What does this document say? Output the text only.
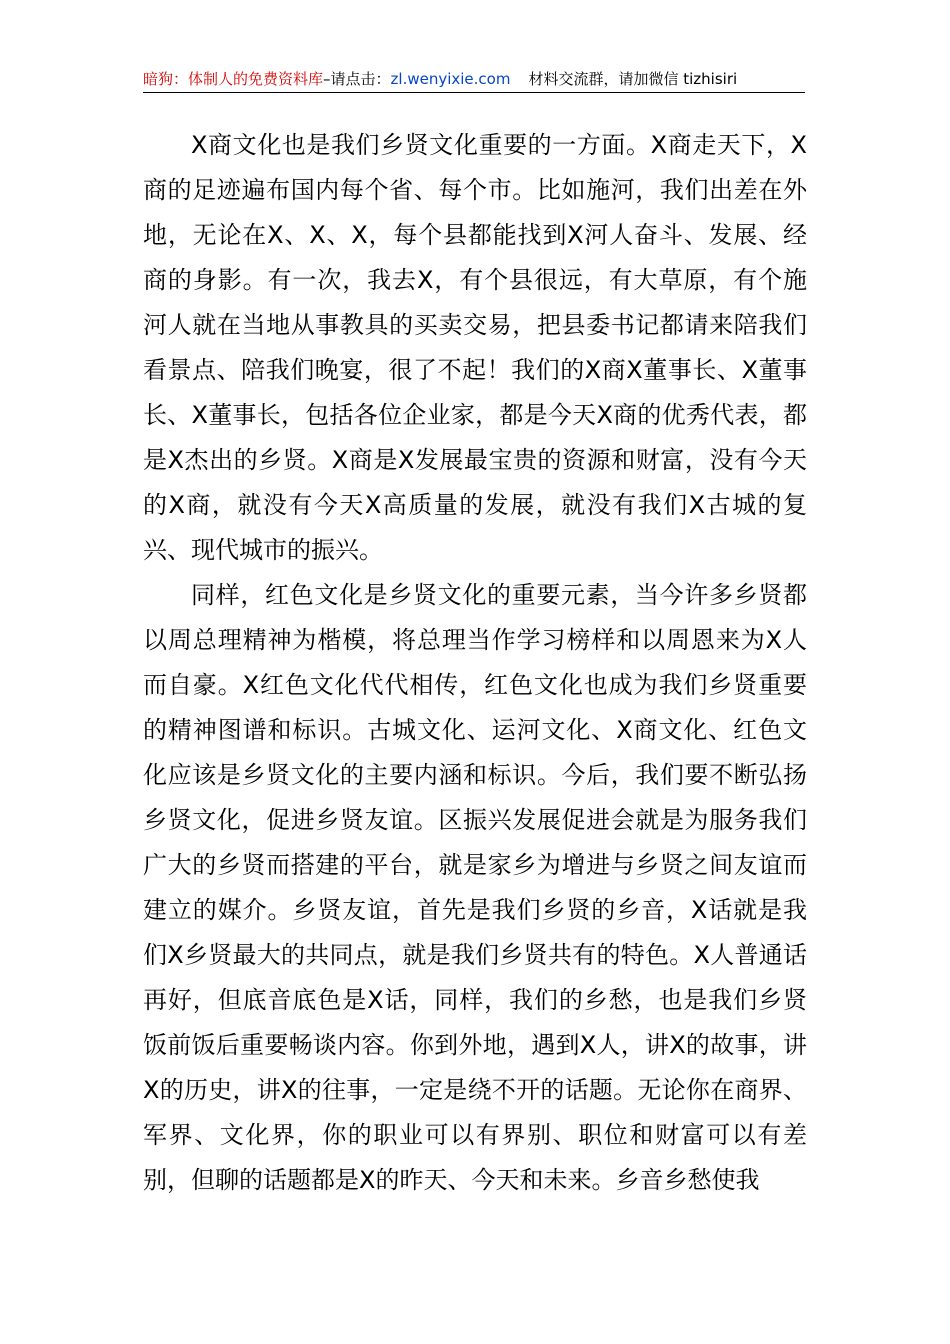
暗狗：体制人的免费资料库–请点击：zl.wenyixie.com 材料交流群，请加微信 tizhisiri

X商文化也是我们乡贤文化重要的一方面。X商走天下，X商的足迹遍布国内每个省、每个市。比如施河，我们出差在外地，无论在X、X、X，每个县都能找到X河人奋斗、发展、经商的身影。有一次，我去X，有个县很远，有大草原，有个施河人就在当地从事教具的买卖交易，把县委书记都请来陪我们看景点、陪我们晚宴，很了不起！我们的X商X董事长、X董事长、X董事长，包括各位企业家，都是今天X商的优秀代表，都是X杰出的乡贤。X商是X发展最宝贵的资源和财富，没有今天的X商，就没有今天X高质量的发展，就没有我们X古城的复兴、现代城市的振兴。

同样，红色文化是乡贤文化的重要元素，当今许多乡贤都以周总理精神为楷模，将总理当作学习榜样和以周恩来为X人而自豪。X红色文化代代相传，红色文化也成为我们乡贤重要的精神图谱和标识。古城文化、运河文化、X商文化、红色文化应该是乡贤文化的主要内涵和标识。今后，我们要不断弘扬乡贤文化，促进乡贤友谊。区振兴发展促进会就是为服务我们广大的乡贤而搭建的平台，就是家乡为增进与乡贤之间友谊而建立的媒介。乡贤友谊，首先是我们乡贤的乡音，X话就是我们X乡贤最大的共同点，就是我们乡贤共有的特色。X人普通话再好，但底音底色是X话，同样，我们的乡愁，也是我们乡贤饭前饭后重要畅谈内容。你到外地，遇到X人，讲X的故事，讲X的历史，讲X的往事，一定是绕不开的话题。无论你在商界、军界、文化界，你的职业可以有界别、职位和财富可以有差别，但聊的话题都是X的昨天、今天和未来。乡音乡愁使我
